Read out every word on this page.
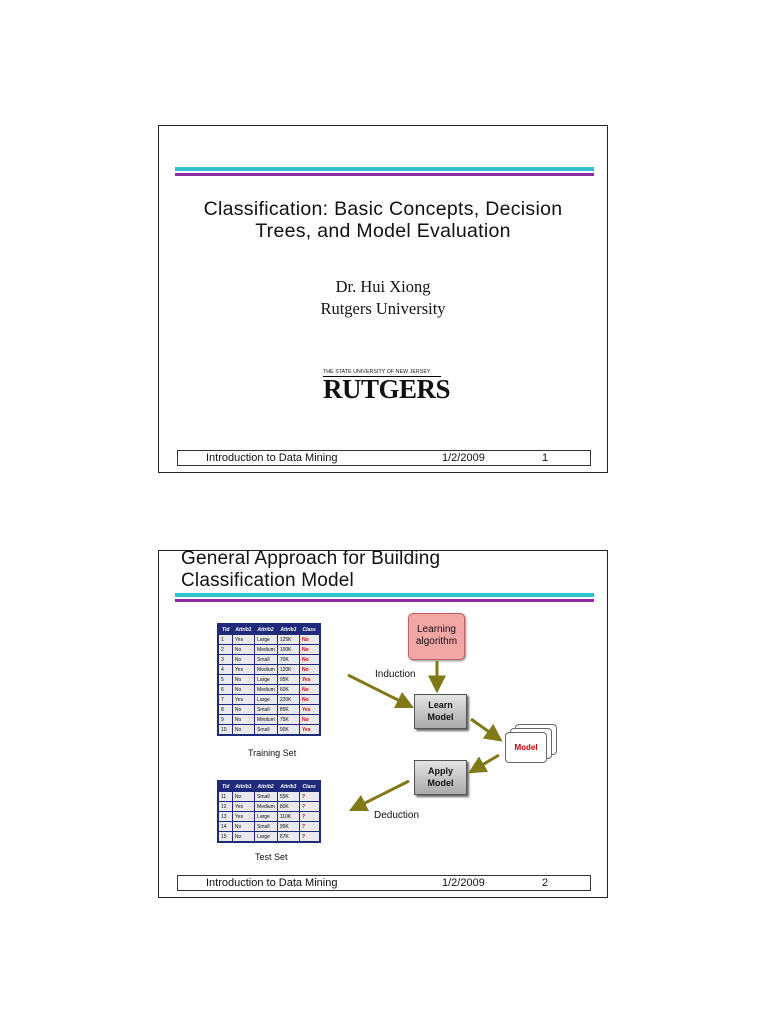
Classification: Basic Concepts, Decision
Trees, and Model Evaluation
Dr. Hui Xiong
Rutgers University
THE STATE UNIVERSITY OF NEW JERSEY
RUTGERS
Introduction to Data Mining	1/2/2009	1
General Approach for Building
Classification Model
Tid	Attrib1	Attrib2	Attrib3	Class
1	Yes	Large	125K	No
2	No	Medium	100K	No
3	No	Small	70K	No
4	Yes	Medium	120K	No
5	No	Large	95K	Yes
6	No	Medium	60K	No
7	Yes	Large	220K	No
8	No	Small	85K	Yes
9	No	Medium	75K	No
10	No	Small	90K	Yes
Training Set
Tid	Attrib1	Attrib2	Attrib3	Class
11	No	Small	55K	?
12	Yes	Medium	80K	?
13	Yes	Large	110K	?
14	No	Small	95K	?
15	No	Large	67K	?
Test Set
Learning
algorithm
Induction
Deduction
Learn
Model
Apply
Model
Model
Introduction to Data Mining	1/2/2009	2
